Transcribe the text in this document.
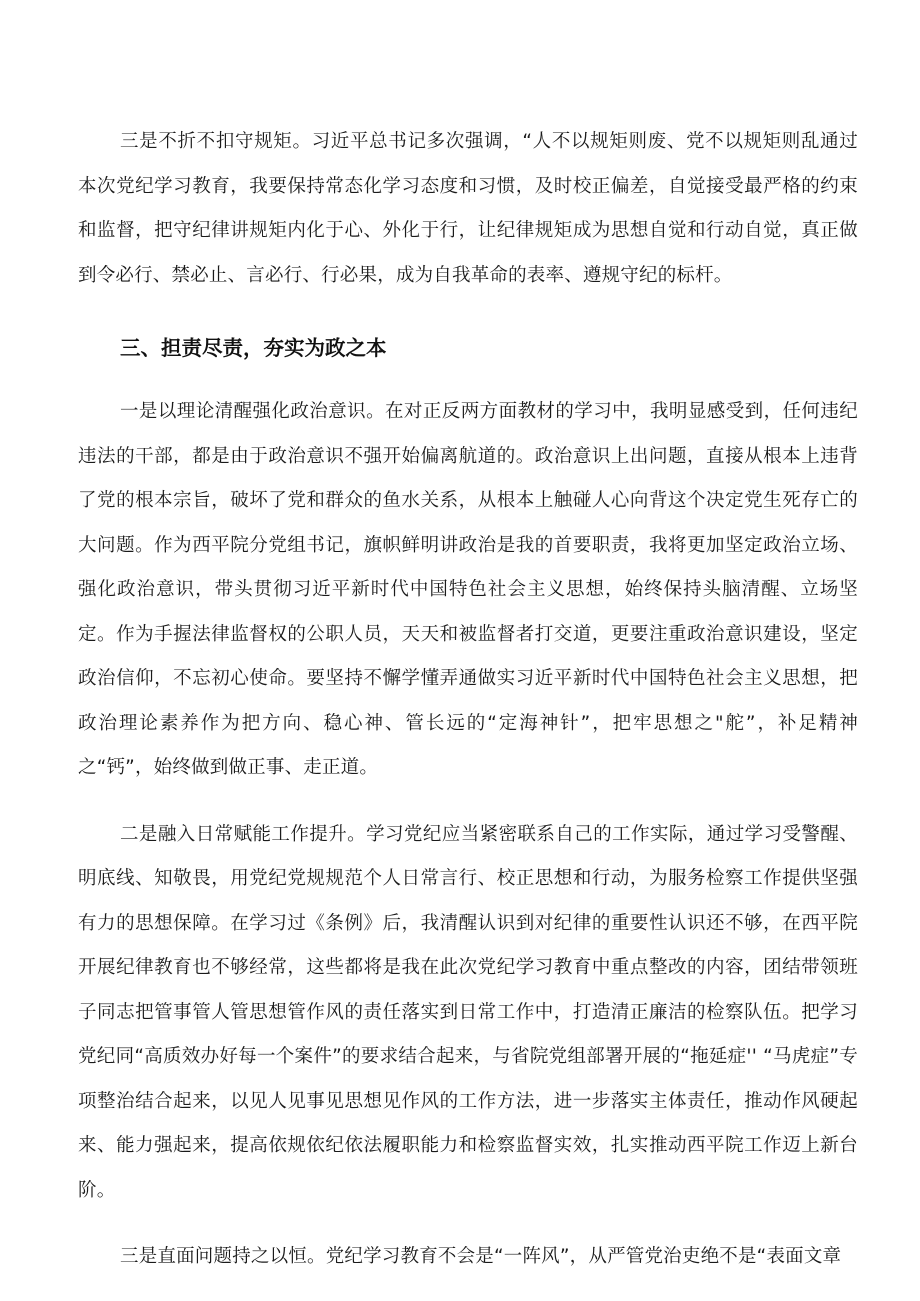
三是不折不扣守规矩。习近平总书记多次强调，“人不以规矩则废、党不以规矩则乱通过本次党纪学习教育，我要保持常态化学习态度和习惯，及时校正偏差，自觉接受最严格的约束和监督，把守纪律讲规矩内化于心、外化于行，让纪律规矩成为思想自觉和行动自觉，真正做到令必行、禁必止、言必行、行必果，成为自我革命的表率、遵规守纪的标杆。

三、担责尽责，夯实为政之本

一是以理论清醒强化政治意识。在对正反两方面教材的学习中，我明显感受到，任何违纪违法的干部，都是由于政治意识不强开始偏离航道的。政治意识上出问题，直接从根本上违背了党的根本宗旨，破坏了党和群众的鱼水关系，从根本上触碰人心向背这个决定党生死存亡的大问题。作为西平院分党组书记，旗帜鲜明讲政治是我的首要职责，我将更加坚定政治立场、强化政治意识，带头贯彻习近平新时代中国特色社会主义思想，始终保持头脑清醒、立场坚定。作为手握法律监督权的公职人员，天天和被监督者打交道，更要注重政治意识建设，坚定政治信仰，不忘初心使命。要坚持不懈学懂弄通做实习近平新时代中国特色社会主义思想，把政治理论素养作为把方向、稳心神、管长远的“定海神针”，把牢思想之"舵”，补足精神之“钙”，始终做到做正事、走正道。

二是融入日常赋能工作提升。学习党纪应当紧密联系自己的工作实际，通过学习受警醒、明底线、知敬畏，用党纪党规规范个人日常言行、校正思想和行动，为服务检察工作提供坚强有力的思想保障。在学习过《条例》后，我清醒认识到对纪律的重要性认识还不够，在西平院开展纪律教育也不够经常，这些都将是我在此次党纪学习教育中重点整改的内容，团结带领班子同志把管事管人管思想管作风的责任落实到日常工作中，打造清正廉洁的检察队伍。把学习党纪同“高质效办好每一个案件”的要求结合起来，与省院党组部署开展的“拖延症'' “马虎症”专项整治结合起来，以见人见事见思想见作风的工作方法，进一步落实主体责任，推动作风硬起来、能力强起来，提高依规依纪依法履职能力和检察监督实效，扎实推动西平院工作迈上新台阶。

三是直面问题持之以恒。党纪学习教育不会是“一阵风”，从严管党治吏绝不是“表面文章
